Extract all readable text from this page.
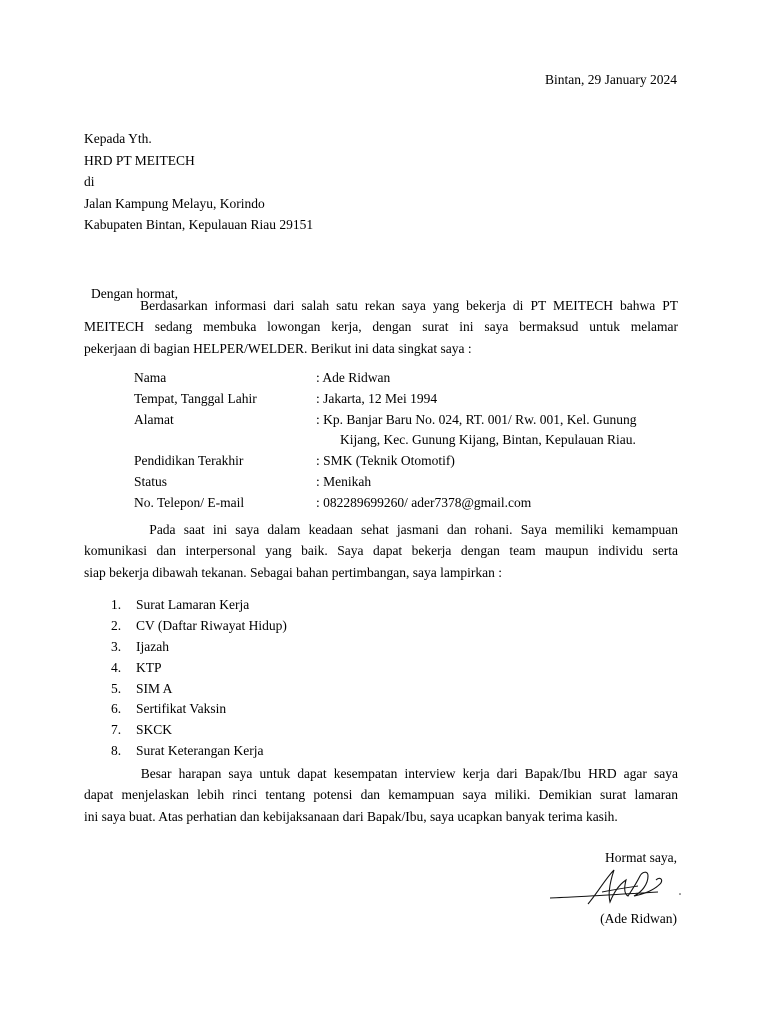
Bintan, 29 January 2024
Kepada Yth.
HRD PT MEITECH
di
Jalan Kampung Melayu, Korindo
Kabupaten Bintan, Kepulauan Riau 29151
Dengan hormat,
Berdasarkan informasi dari salah satu rekan saya yang bekerja di PT MEITECH bahwa PT
MEITECH sedang membuka lowongan kerja, dengan surat ini saya bermaksud untuk melamar
pekerjaan di bagian HELPER/WELDER. Berikut ini data singkat saya :
Nama	: Ade Ridwan
Tempat, Tanggal Lahir	: Jakarta, 12 Mei 1994
Alamat	: Kp. Banjar Baru No. 024, RT. 001/ Rw. 001, Kel. Gunung
Kijang, Kec. Gunung Kijang, Bintan, Kepulauan Riau.
Pendidikan Terakhir	: SMK (Teknik Otomotif)
Status	: Menikah
No. Telepon/ E-mail	: 082289699260/ ader7378@gmail.com
Pada saat ini saya dalam keadaan sehat jasmani dan rohani. Saya memiliki kemampuan
komunikasi dan interpersonal yang baik. Saya dapat bekerja dengan team maupun individu serta
siap bekerja dibawah tekanan. Sebagai bahan pertimbangan, saya lampirkan :
1.	Surat Lamaran Kerja
2.	CV (Daftar Riwayat Hidup)
3.	Ijazah
4.	KTP
5.	SIM A
6.	Sertifikat Vaksin
7.	SKCK
8.	Surat Keterangan Kerja
Besar harapan saya untuk dapat kesempatan interview kerja dari Bapak/Ibu HRD agar saya
dapat menjelaskan lebih rinci tentang potensi dan kemampuan saya miliki. Demikian surat lamaran
ini saya buat. Atas perhatian dan kebijaksanaan dari Bapak/Ibu, saya ucapkan banyak terima kasih.
Hormat saya,
(Ade Ridwan)
